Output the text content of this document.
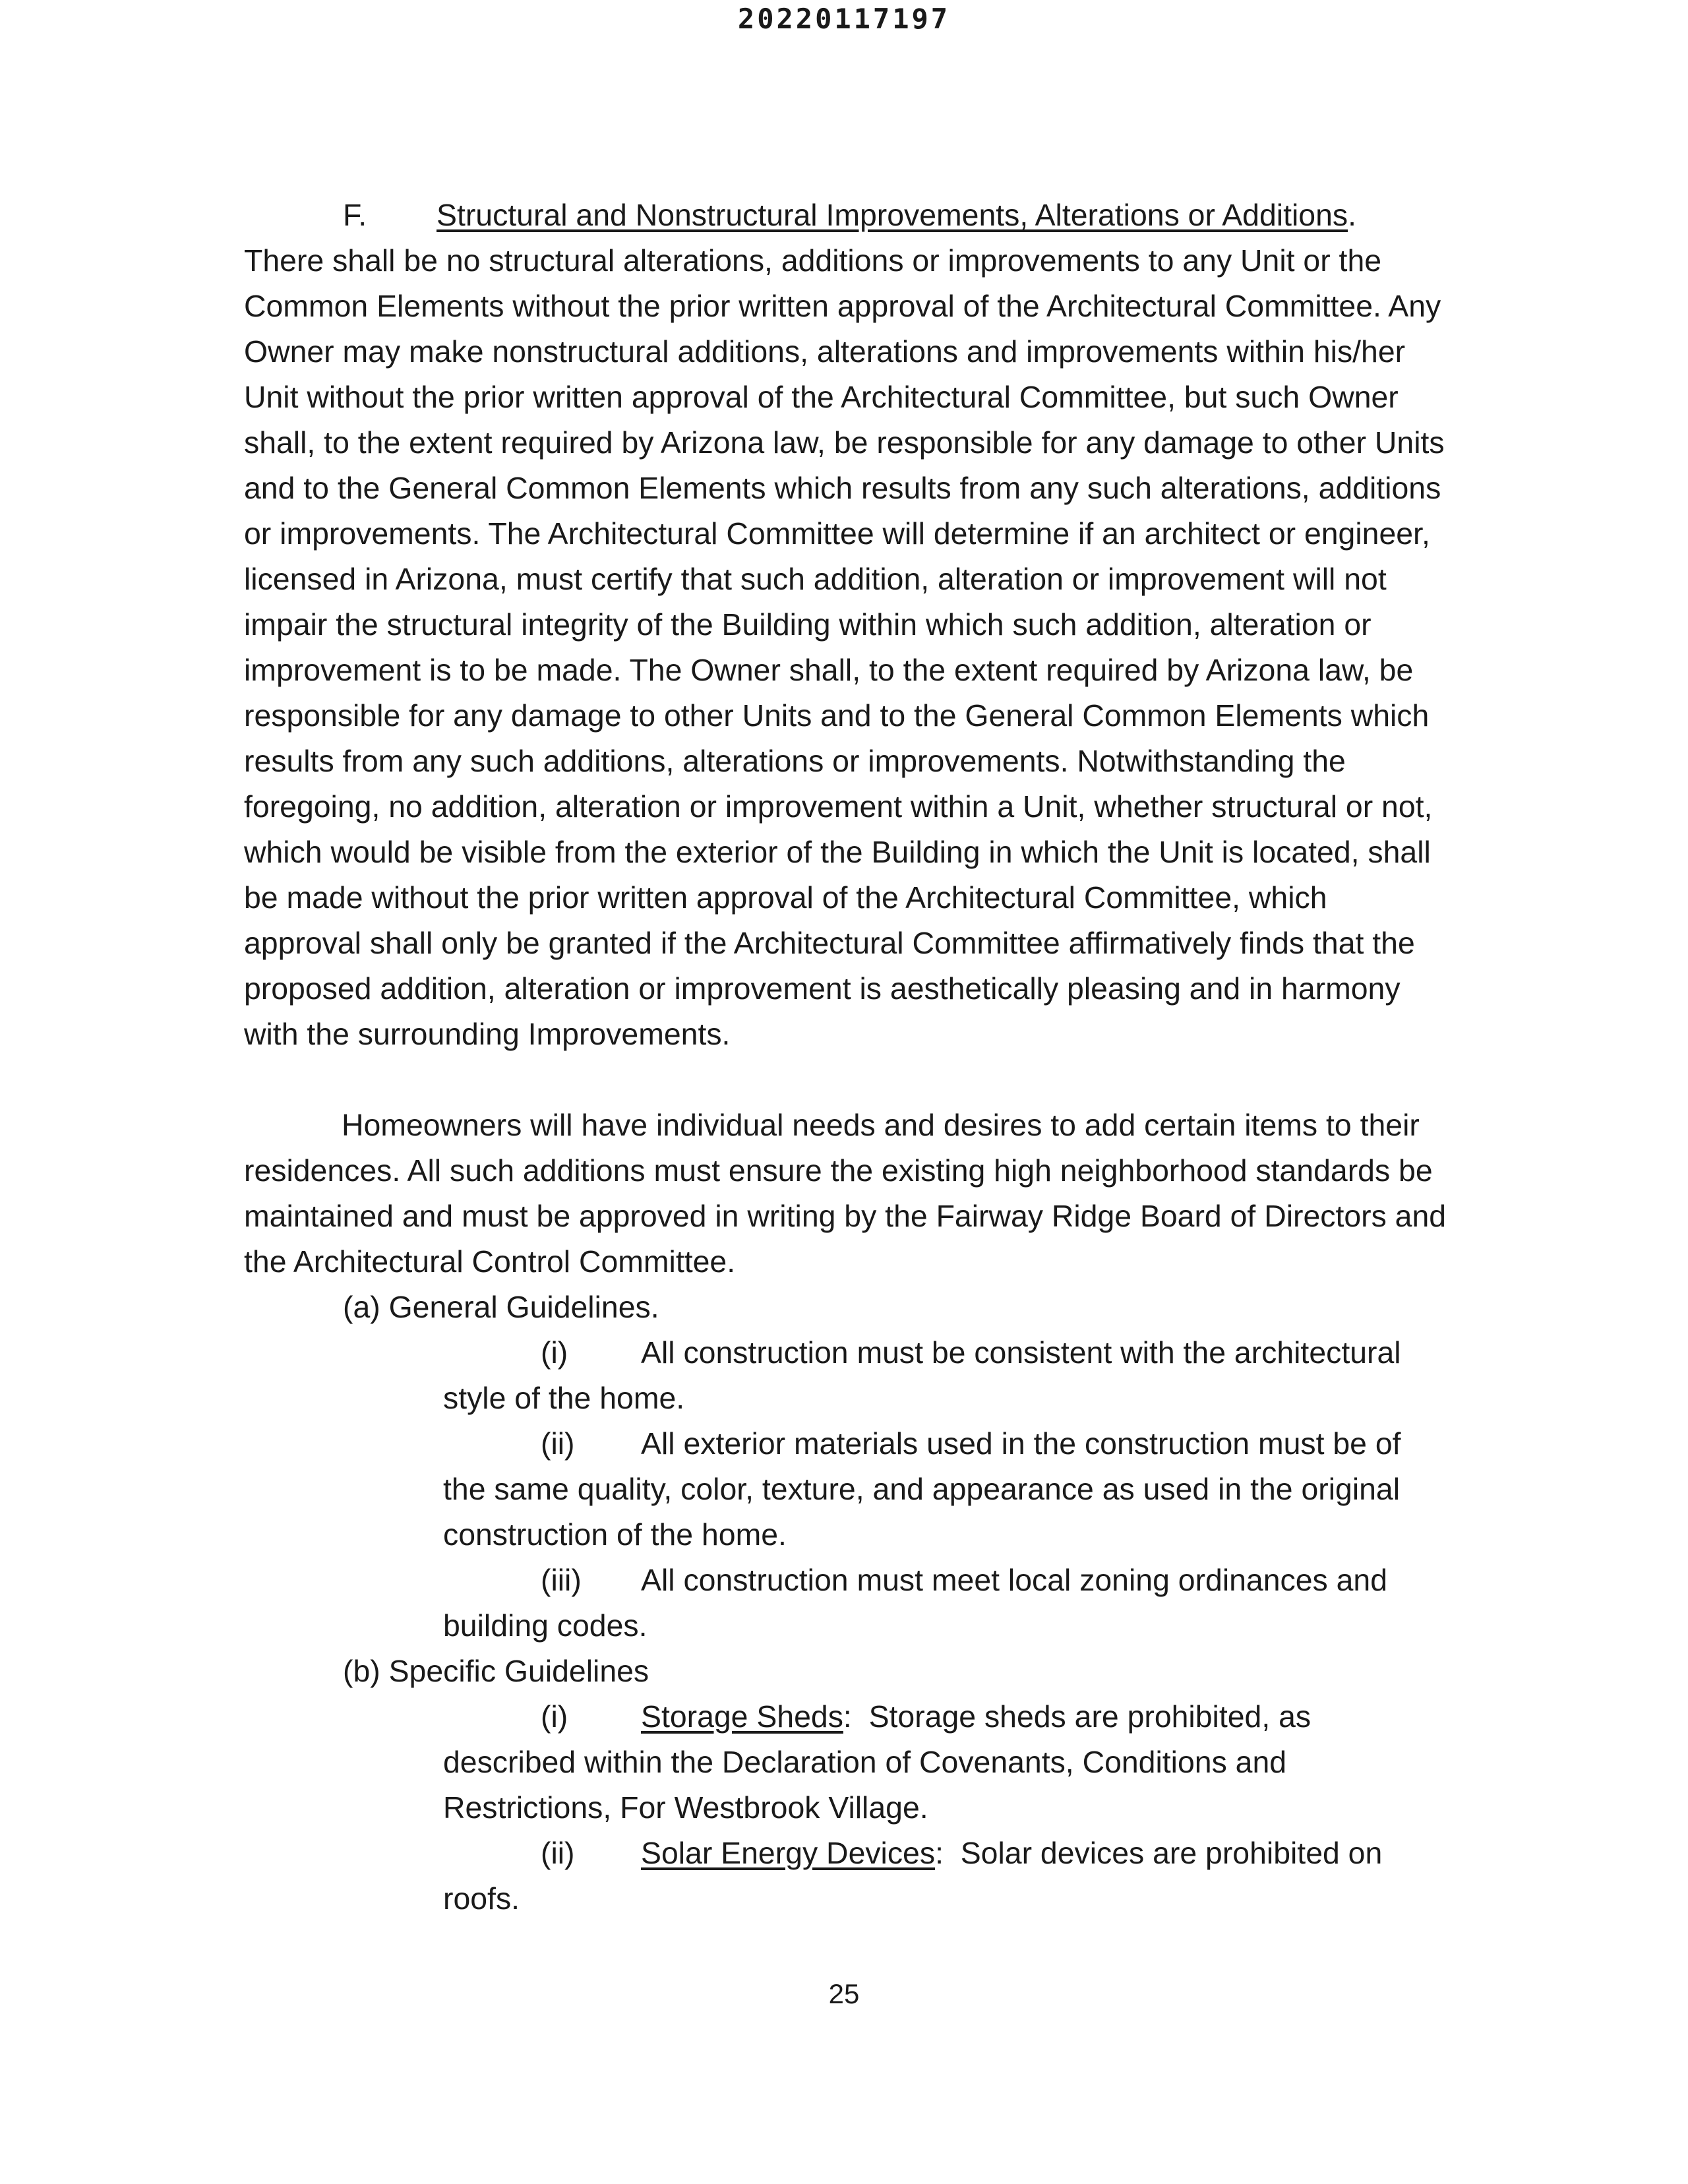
20220117197

F. Structural and Nonstructural Improvements, Alterations or Additions.

There shall be no structural alterations, additions or improvements to any Unit or the Common Elements without the prior written approval of the Architectural Committee. Any Owner may make nonstructural additions, alterations and improvements within his/her Unit without the prior written approval of the Architectural Committee, but such Owner shall, to the extent required by Arizona law, be responsible for any damage to other Units and to the General Common Elements which results from any such alterations, additions or improvements. The Architectural Committee will determine if an architect or engineer, licensed in Arizona, must certify that such addition, alteration or improvement will not impair the structural integrity of the Building within which such addition, alteration or improvement is to be made. The Owner shall, to the extent required by Arizona law, be responsible for any damage to other Units and to the General Common Elements which results from any such additions, alterations or improvements. Notwithstanding the foregoing, no addition, alteration or improvement within a Unit, whether structural or not, which would be visible from the exterior of the Building in which the Unit is located, shall be made without the prior written approval of the Architectural Committee, which approval shall only be granted if the Architectural Committee affirmatively finds that the proposed addition, alteration or improvement is aesthetically pleasing and in harmony with the surrounding Improvements.

Homeowners will have individual needs and desires to add certain items to their residences. All such additions must ensure the existing high neighborhood standards be maintained and must be approved in writing by the Fairway Ridge Board of Directors and the Architectural Control Committee.

(a) General Guidelines.

(i) All construction must be consistent with the architectural style of the home.

(ii) All exterior materials used in the construction must be of the same quality, color, texture, and appearance as used in the original construction of the home.

(iii) All construction must meet local zoning ordinances and building codes.

(b) Specific Guidelines

(i) Storage Sheds:  Storage sheds are prohibited, as described within the Declaration of Covenants, Conditions and Restrictions, For Westbrook Village.

(ii) Solar Energy Devices:  Solar devices are prohibited on roofs.

25
